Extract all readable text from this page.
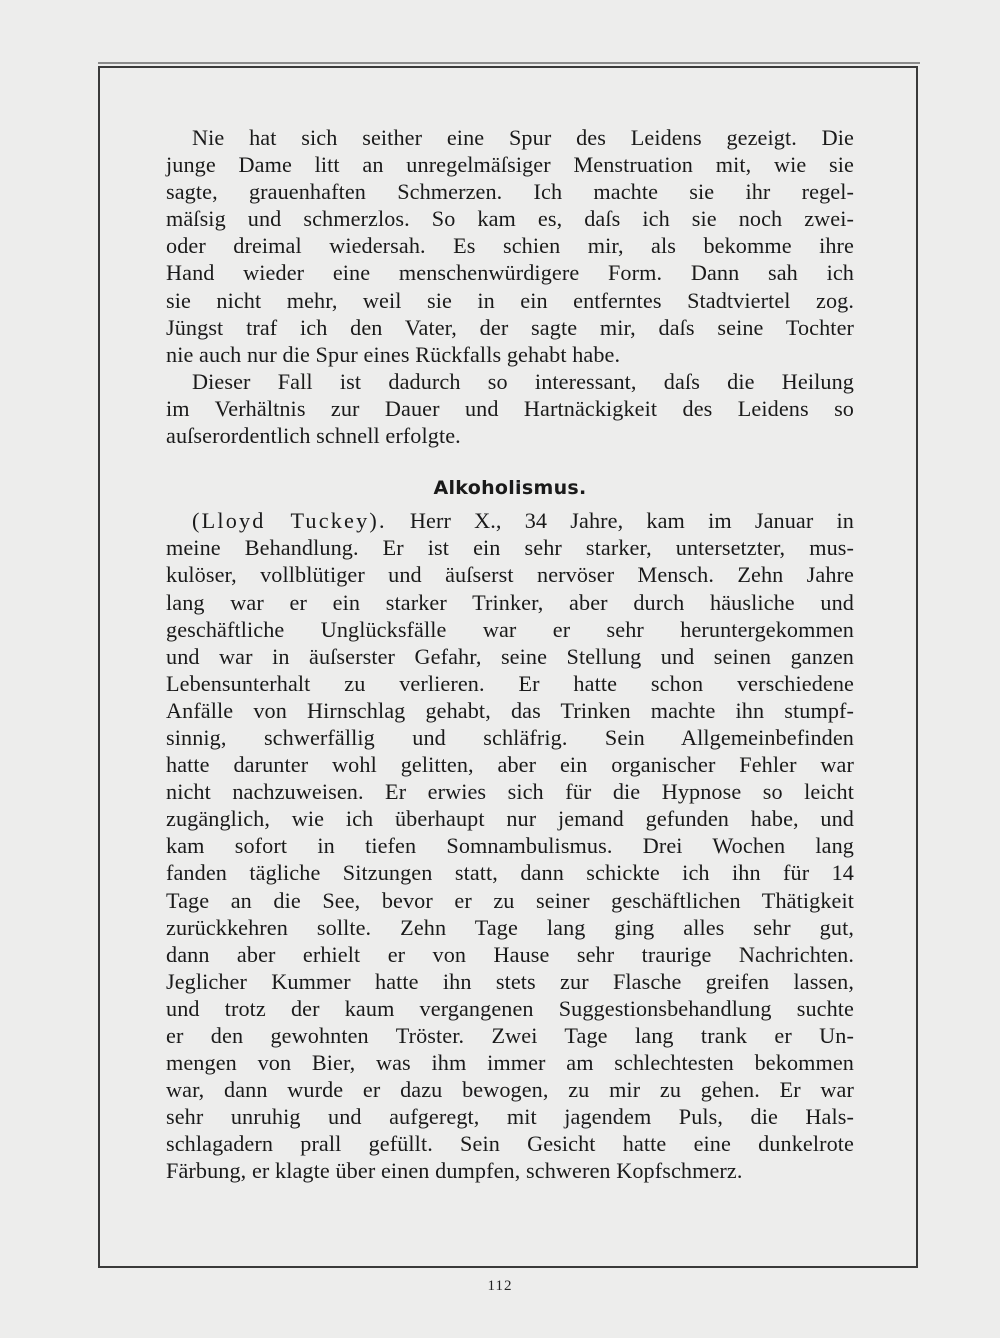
Nie hat sich seither eine Spur des Leidens gezeigt. Die
junge Dame litt an unregelmäſsiger Menstruation mit, wie sie
sagte, grauenhaften Schmerzen. Ich machte sie ihr regel-
mäſsig und schmerzlos. So kam es, daſs ich sie noch zwei-
oder dreimal wiedersah. Es schien mir, als bekomme ihre
Hand wieder eine menschenwürdigere Form. Dann sah ich
sie nicht mehr, weil sie in ein entferntes Stadtviertel zog.
Jüngst traf ich den Vater, der sagte mir, daſs seine Tochter
nie auch nur die Spur eines Rückfalls gehabt habe.
Dieser Fall ist dadurch so interessant, daſs die Heilung
im Verhältnis zur Dauer und Hartnäckigkeit des Leidens so
auſserordentlich schnell erfolgte.
Alkoholismus.
(Lloyd Tuckey). Herr X., 34 Jahre, kam im Januar in
meine Behandlung. Er ist ein sehr starker, untersetzter, mus-
kulöser, vollblütiger und äuſserst nervöser Mensch. Zehn Jahre
lang war er ein starker Trinker, aber durch häusliche und
geschäftliche Unglücksfälle war er sehr heruntergekommen
und war in äuſserster Gefahr, seine Stellung und seinen ganzen
Lebensunterhalt zu verlieren. Er hatte schon verschiedene
Anfälle von Hirnschlag gehabt, das Trinken machte ihn stumpf-
sinnig, schwerfällig und schläfrig. Sein Allgemeinbefinden
hatte darunter wohl gelitten, aber ein organischer Fehler war
nicht nachzuweisen. Er erwies sich für die Hypnose so leicht
zugänglich, wie ich überhaupt nur jemand gefunden habe, und
kam sofort in tiefen Somnambulismus. Drei Wochen lang
fanden tägliche Sitzungen statt, dann schickte ich ihn für 14
Tage an die See, bevor er zu seiner geschäftlichen Thätigkeit
zurückkehren sollte. Zehn Tage lang ging alles sehr gut,
dann aber erhielt er von Hause sehr traurige Nachrichten.
Jeglicher Kummer hatte ihn stets zur Flasche greifen lassen,
und trotz der kaum vergangenen Suggestionsbehandlung suchte
er den gewohnten Tröster. Zwei Tage lang trank er Un-
mengen von Bier, was ihm immer am schlechtesten bekommen
war, dann wurde er dazu bewogen, zu mir zu gehen. Er war
sehr unruhig und aufgeregt, mit jagendem Puls, die Hals-
schlagadern prall gefüllt. Sein Gesicht hatte eine dunkelrote
Färbung, er klagte über einen dumpfen, schweren Kopfschmerz.
112
